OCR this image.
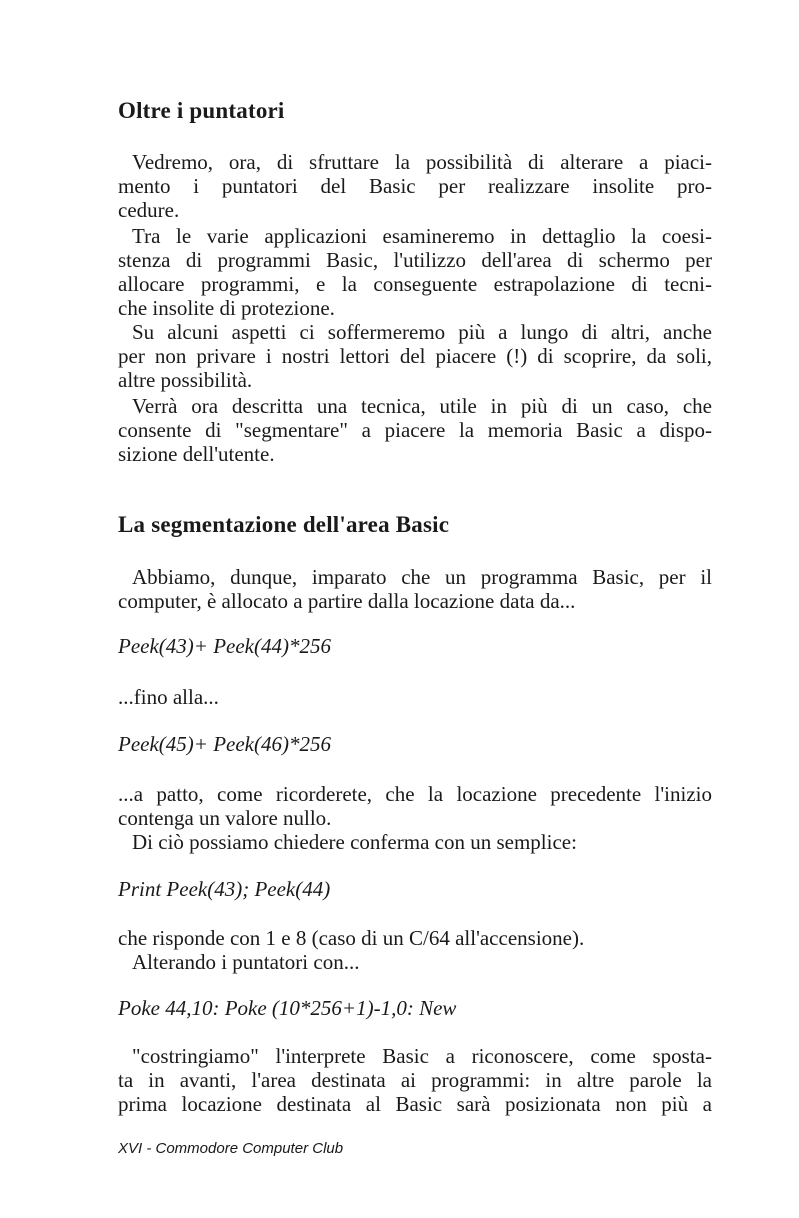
Oltre i puntatori

Vedremo, ora, di sfruttare la possibilità di alterare a piaci-
mento i puntatori del Basic per realizzare insolite pro-
cedure.

Tra le varie applicazioni esamineremo in dettaglio la coesi-
stenza di programmi Basic, l'utilizzo dell'area di schermo per
allocare programmi, e la conseguente estrapolazione di tecni-
che insolite di protezione.

Su alcuni aspetti ci soffermeremo più a lungo di altri, anche
per non privare i nostri lettori del piacere (!) di scoprire, da soli,
altre possibilità.

Verrà ora descritta una tecnica, utile in più di un caso, che
consente di "segmentare" a piacere la memoria Basic a dispo-
sizione dell'utente.

La segmentazione dell'area Basic

Abbiamo, dunque, imparato che un programma Basic, per il
computer, è allocato a partire dalla locazione data da...

Peek(43)+ Peek(44)*256

...fino alla...

Peek(45)+ Peek(46)*256

...a patto, come ricorderete, che la locazione precedente l'inizio
contenga un valore nullo.

Di ciò possiamo chiedere conferma con un semplice:

Print Peek(43); Peek(44)

che risponde con 1 e 8 (caso di un C/64 all'accensione).

Alterando i puntatori con...

Poke 44,10: Poke (10*256+1)-1,0: New

"costringiamo" l'interprete Basic a riconoscere, come sposta-
ta in avanti, l'area destinata ai programmi: in altre parole la
prima locazione destinata al Basic sarà posizionata non più a

XVI - Commodore Computer Club
